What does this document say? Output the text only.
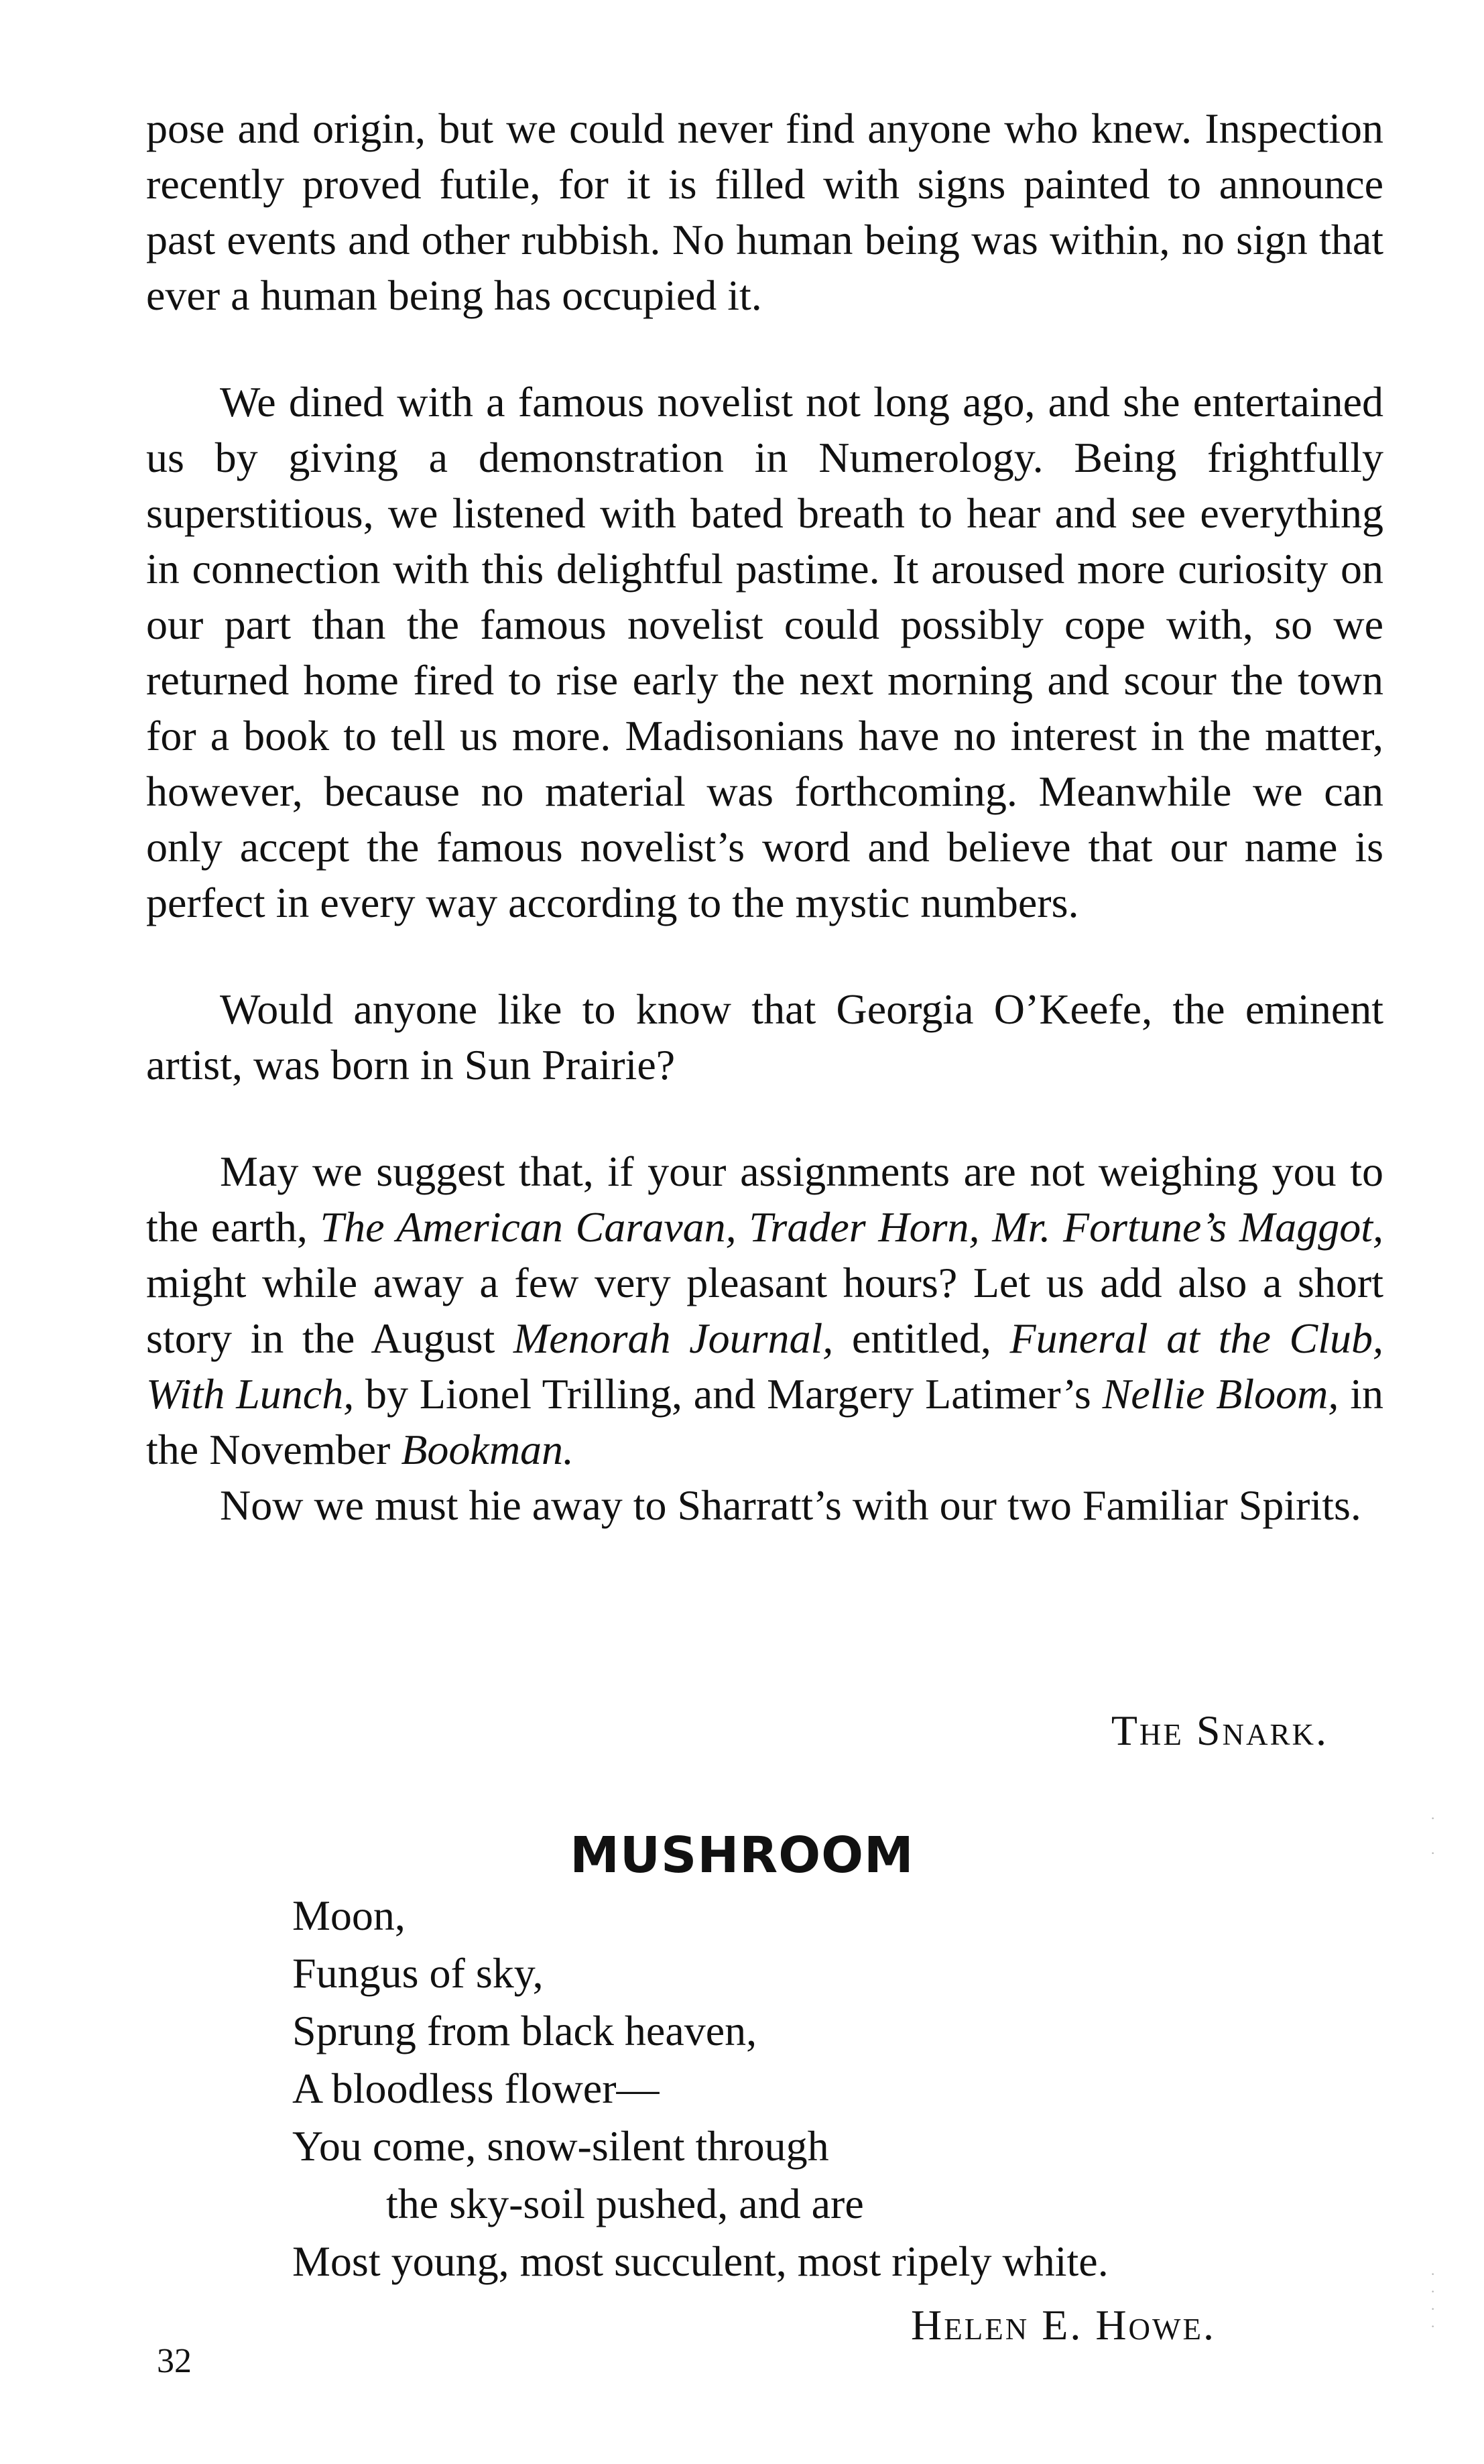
pose and origin, but we could never find anyone who knew. Inspection recently proved futile, for it is filled with signs painted to announce past events and other rubbish. No human being was within, no sign that ever a human being has occupied it.

We dined with a famous novelist not long ago, and she entertained us by giving a demonstration in Numerology. Being frightfully superstitious, we listened with bated breath to hear and see everything in connection with this delightful pastime. It aroused more curiosity on our part than the famous novelist could possibly cope with, so we returned home fired to rise early the next morning and scour the town for a book to tell us more. Madisonians have no interest in the matter, however, because no material was forthcoming. Meanwhile we can only accept the famous novelist’s word and believe that our name is perfect in every way according to the mystic numbers.

Would anyone like to know that Georgia O’Keefe, the eminent artist, was born in Sun Prairie?

May we suggest that, if your assignments are not weighing you to the earth, The American Caravan, Trader Horn, Mr. Fortune’s Maggot, might while away a few very pleasant hours? Let us add also a short story in the August Menorah Journal, entitled, Funeral at the Club, With Lunch, by Lionel Trilling, and Margery Latimer’s Nellie Bloom, in the November Bookman.

Now we must hie away to Sharratt’s with our two Familiar Spirits.

The Snark.
MUSHROOM
Moon,
Fungus of sky,
Sprung from black heaven,
A bloodless flower—
You come, snow-silent through
the sky-soil pushed, and are
Most young, most succulent, most ripely white.
Helen E. Howe.
32
·

·
·
·
·
·
